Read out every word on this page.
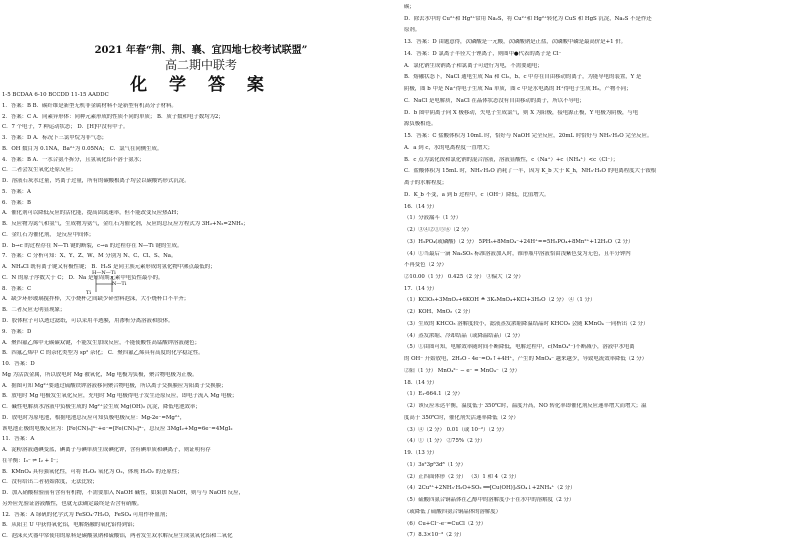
2021 年春“荆、荆、襄、宜四地七校考试联盟”
高二期中联考
化 学 答 案
H—N—Ti
N—Ti
Ti
1-5 BCDAA 6-10 BCCDD 11-15 AADDC
1．答案：B B．碳纤维是新型无机非金属材料不是新型有机高分子材料。
2．答案：C A．同素异形体：同种元素形成的性质不同的单质； B．质子数和电子数均为2；
C．7 个电子，7 种运动状态； D．[H]中没有中子。
3．答案：D A．标况下三氯甲烷为非气态；
B．OH 数目为 0.1NA，Ba²⁺为 0.05NA； C．氯气在同侧生成。
4．答案：B A．一水合氨不拆分，且氢氧化铝不溶于氨水；
C．二者会发生氧化还原反应；
D．溶液石灰水过量，钙离子过量，所有的碳酸根离子均会以碳酸钙形式沉淀。
5．答案：A
6．答案：B
A．催化剂可以降低反应的活化能，提高固氮速率，但不能改变反应热ΔH；
B．反应物为氮气和氢气，生成物为氨气，金红石为催化剂，反应的总反应方程式为 3H₂+N₂=2NH₃；
C．金红石为催化剂， 是反应中间体；
D．b→c 的过程存在 N—Ti 键的断裂，c→a 的过程存在 N—Ti 键的生成。
7．答案：C 分析可知：X、Y、Z、W、M 分别为 N、C、Cl、S、Na。
A．NH₄Cl 既有离子键又有极性键； B．H₂S 是同主族元素形成的氢化物中沸点最低的；
C．N 的原子序数大于 C； D．Na 是短周期元素中电负性最小的。
8．答案：C
A．缺少环形玻璃搅拌棒，大小烧杯之间缺少碎塑料泡沫，大小烧杯口不平齐；
B．二者反应无明显现象；
D．胶体粒子可以透过滤纸，可以采用半透膜，用渗析分离溶液和胶体。
9．答案：D
A．聚四氟乙烯中无碳碳双键，不能发生加成反应，不能使酸性高锰酸钾溶液褪色；
B．四氟乙烯中 C 的杂化类型为 sp² 杂化； C．聚四氟乙烯具有高度的化学稳定性。
10．答案：D
Mg 为活泼金属，所以放电时 Mg 被氧化，Mg 电极为负极，聚合物电极为正极。
A．据图可知 Mg²⁺要通过硫酸铁钾溶液移向聚合物电极，所以离子交换膜应为阳离子交换膜；
B．放电时 Mg 电极发生氧化反应，充电时 Mg 电极得电子发生还原反应，即电子流入 Mg 电极；
C．碱性电解质水溶液中负极生成的 Mg²⁺会生成 Mg(OH)₂ 沉淀，降低电池效率；
D．放电时为原电池，根据电池总反应可知负极电极反应：Mg-2e⁻=Mg²⁺，
该电池正极的电极反应为：[Fe(CN)₆]³⁻+e⁻=[Fe(CN)₆]⁴⁻，总反应 3MgI₂+Mg=6e⁻=4MgI₂
11．答案：A
A．淀粉溶液遇碘变蓝，碘离子与碘单质生成碘化钾，含有碘单质和碘离子，则证明有存
在平衡：I₃⁻ ⇌ I₂ + I⁻；
B．KMnO₄ 具有强氧化性，可将 H₂O₂ 氧化为 O₂，体现 H₂O₂ 的还原性；
C．没有给出二者初始浓度，无法比较；
D．加入硝酸检验前有含有有机物，不需要加入 NaOH 碱性，如果加 NaOH，则与与 NaOH 反应，
另外应先验证溶液酸性，也就无法确定最终是否含有硝酸。
12．答案：A 绿矾的化学式为 FeSO₄·7H₂O，FeSO₄ 可用作补血剂；
B．从阳主 U 中获得氧化铝，电解熔融的氧化铝得到铝；
C．泡沫灭火器中常使用的原料是碳酸氢钠和硫酸铝，两者发生双水解反应生成氢氧化铝和二氧化
碳；
D．除去水中的 Cu²⁺和 Hg²⁺常用 Na₂S，将 Cu²⁺和 Hg²⁺转化为 CuS 和 HgS 沉淀，Na₂S 不是作还
原剂。
13．答案：D 由题意得，次磷酸是一元酸，次磷酸钠是正盐，次磷酸中磷是最高价是+1 价。
14．答案：D 氯离子半径大于锂离子，则图中●代表的离子是 Cl⁻
A．氯化钠生成钠离子和氯离子可进行为电，不需要通电；
B．熔融状态下，NaCl 通电生成 Na 和 Cl₂，b、c 中存在自由移动的离子，为能导电的装置，Y 是
阴极，图 b 中是 Na⁺得电子生成 Na 单质，图 c 中是水电离的 H⁺得电子生成 H₂，产物不同；
C．NaCl 是电解质，NaCl 在晶体状态没有自由移动的离子，所以不导电；
D．b 图中阴离子向 X 极移动，失电子生成氯气，则 X 为阳极，接电源正极，Y 电极为阴极，与电
源负极相连。
15．答案：C 盐酸体积为 10mL 时，恰好与 NaOH 完全反应，20mL 时恰好与 NH₃·H₂O 完全反应。
A．a 到 c，水的电离程度一直增大；
B．c 点为氯化铵和氯化钠的混合溶液，溶液显酸性，c（Na⁺）+c（NH₄⁺）<c（Cl⁻）；
C．盐酸体积为 15mL 时，NH₃·H₂O 消耗了一半，因为 K_b 大于 K_h，NH₃·H₂O 的电离程度大于铵根
离子的水解程度；
D．K_b 不变，a 到 b 过程中，c（OH⁻）降低，比值增大。
16.（14 分）
（1）分液漏斗（1 分）
（2）③④②①⑤⑥（2 分）
（3）H₃PO₄(或磷酸)（2 分） 5PH₃+8MnO₄⁻+24H⁺==5H₃PO₄+8Mn²⁺+12H₂O（2 分）
（4）①当最后一滴 Na₂SO₃ 标准溶液加入时，锥形瓶中溶液恰由浅紫色变为无色，且半分钟内
不再变色（2 分）
②10.00（1 分） 0.425（2 分） ③偏大（2 分）
17.（14 分）
（1）KClO₃+3MnO₂+6KOH ≜ 3K₂MnO₄+KCl+3H₂O（2 分） ④（1 分）
（2）KOH、MnO₂（2 分）
（3）生成的 KHCO₃ 溶解度较小，滤液蒸发浓缩降温结晶时 KHCO₃ 会随 KMnO₄ 一同析出（2 分）
（4）蒸发浓缩、冷却结晶（或降温结晶）（2 分）
（5）①由图可知，电解效率随时间不断降低，电解过程中，c(MnO₄²⁻)不断减小，溶液中水电离
的 OH⁻ 开始放电，2H₂O - 4e⁻=O₂↑+4H⁺，产生的 MnO₄⁻ 越来越少，导致电流效率降低（2 分）
②阳（1 分） MnO₄²⁻ − e⁻ = MnO₄⁻（2 分）
18.（14 分）
（1）E₁-664.1（2 分）
（2）该反应未达平衡，温度低于 350℃时，温度升高，NO 转化率即催化剂反应速率增大而增大；温
度高于 350℃时，催化剂失活速率降低（2 分）
（3）④（2 分） 0.01（或 10⁻²）（2 分）
（4）①（1 分） ②75%（2 分）
19.（13 分）
（1）3s²3p⁶3d⁸（1 分）
（2）正四面体形（2 分） （3）1 和 4（2 分）
（4）2Cu²⁺+2NH₃·H₂O+SO₂ ══[Cu(OH)]₂SO₄↓+2NH₄⁺（2 分）
（5）硫酸四氨合铜晶体在乙醇中的溶解度小于在水中的溶解度（2 分）
（或降低了硫酸四氨合铜晶体的溶解度）
（6）Cu+Cl⁻-e⁻=CuCl（2 分）
（7）8.3×10⁻³（2 分）
